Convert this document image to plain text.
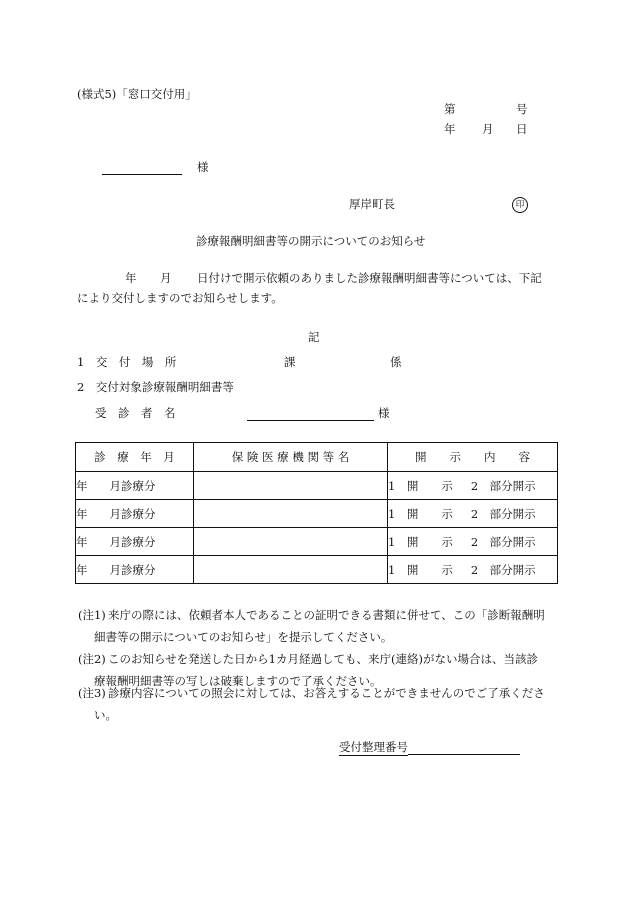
(様式5)「窓口交付用」
第	号
年 月 日
様
厚岸町長	印
診療報酬明細書等の開示についてのお知らせ
年 月 日付けで開示依頼のありました診療報酬明細書等については、下記
により交付しますのでお知らせします。
記
1　交　付　場　所	課	係
2　交付対象診療報酬明細書等
受　診　者　名	様
診　療　年　月	保 険 医 療 機 関 等 名	開　　示　　内　　容
年 月診療分		1　開　　示 2　部分開示
年 月診療分		1　開　　示 2　部分開示
年 月診療分		1　開　　示 2　部分開示
年 月診療分		1　開　　示 2　部分開示
(注1) 来庁の際には、依頼者本人であることの証明できる書類に併せて、この「診断報酬明
細書等の開示についてのお知らせ」を提示してください。
(注2) このお知らせを発送した日から1カ月経過しても、来庁(連絡)がない場合は、当該診
療報酬明細書等の写しは破棄しますので了承ください。
(注3) 診療内容についての照会に対しては、お答えすることができませんのでご了承くださ
い。
受付整理番号
